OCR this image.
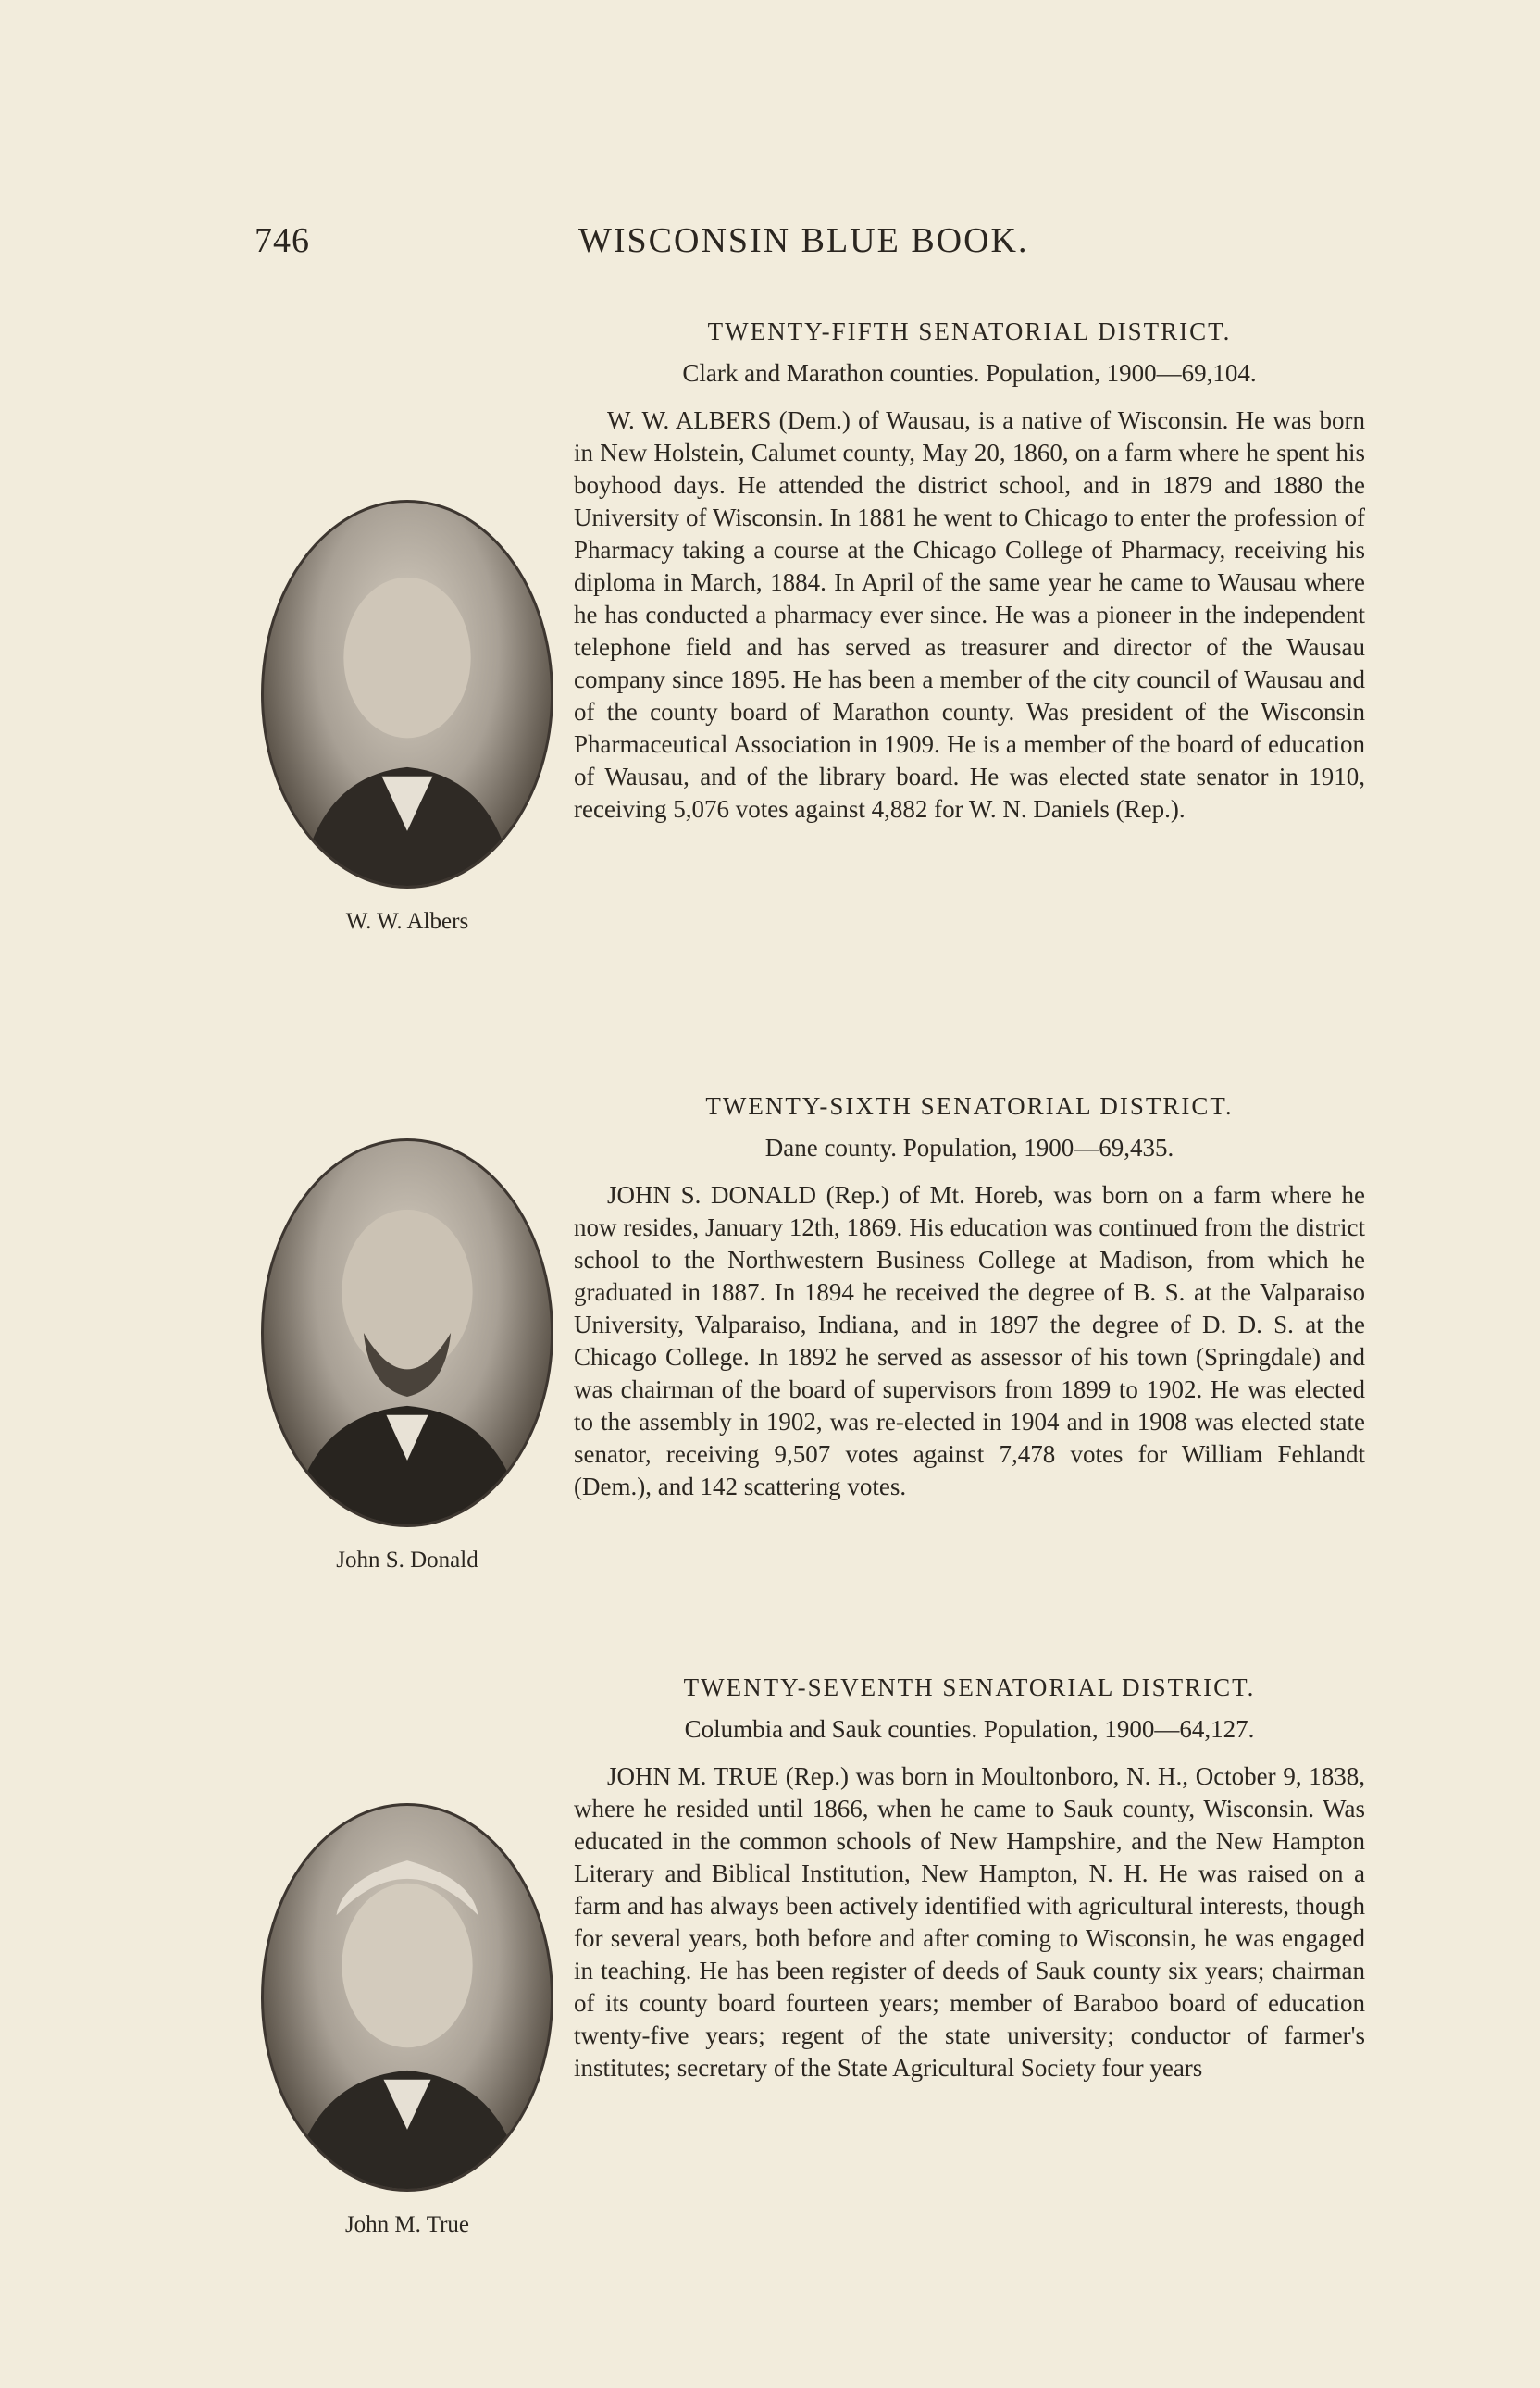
746	WISCONSIN BLUE BOOK.
TWENTY-FIFTH SENATORIAL DISTRICT.

Clark and Marathon counties. Population, 1900—69,104.

W. W. ALBERS (Dem.) of Wausau, is a native of Wisconsin. He was born in New Holstein, Calumet county, May 20, 1860, on a farm where he spent his boyhood days. He attended the district school, and in 1879 and 1880 the University of Wisconsin. In 1881 he went to Chicago to enter the profession of Pharmacy taking a course at the Chicago College of Pharmacy, receiving his diploma in March, 1884. In April of the same year he came to Wausau where he has conducted a pharmacy ever since. He was a pioneer in the independent telephone field and has served as treasurer and director of the Wausau company since 1895. He has been a member of the city council of Wausau and of the county board of Marathon county. Was president of the Wisconsin Pharmaceutical Association in 1909. He is a member of the board of education of Wausau, and of the library board. He was elected state senator in 1910, receiving 5,076 votes against 4,882 for W. N. Daniels (Rep.).

W. W. Albers
TWENTY-SIXTH SENATORIAL DISTRICT.

Dane county. Population, 1900—69,435.

JOHN S. DONALD (Rep.) of Mt. Horeb, was born on a farm where he now resides, January 12th, 1869. His education was continued from the district school to the Northwestern Business College at Madison, from which he graduated in 1887. In 1894 he received the degree of B. S. at the Valparaiso University, Valparaiso, Indiana, and in 1897 the degree of D. D. S. at the Chicago College. In 1892 he served as assessor of his town (Springdale) and was chairman of the board of supervisors from 1899 to 1902. He was elected to the assembly in 1902, was re-elected in 1904 and in 1908 was elected state senator, receiving 9,507 votes against 7,478 votes for William Fehlandt (Dem.), and 142 scattering votes.

John S. Donald
TWENTY-SEVENTH SENATORIAL DISTRICT.

Columbia and Sauk counties. Population, 1900—64,127.

JOHN M. TRUE (Rep.) was born in Moultonboro, N. H., October 9, 1838, where he resided until 1866, when he came to Sauk county, Wisconsin. Was educated in the common schools of New Hampshire, and the New Hampton Literary and Biblical Institution, New Hampton, N. H. He was raised on a farm and has always been actively identified with agricultural interests, though for several years, both before and after coming to Wisconsin, he was engaged in teaching. He has been register of deeds of Sauk county six years; chairman of its county board fourteen years; member of Baraboo board of education twenty-five years; regent of the state university; conductor of farmer's institutes; secretary of the State Agricultural Society four years

John M. True
